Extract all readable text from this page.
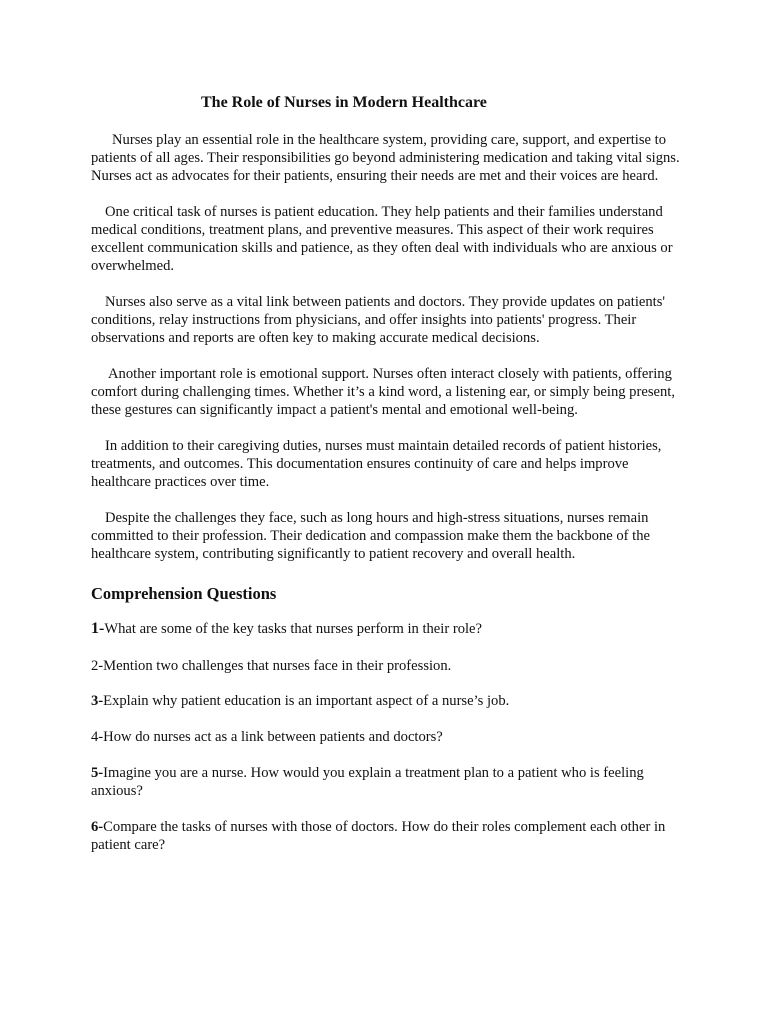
The Role of Nurses in Modern Healthcare

Nurses play an essential role in the healthcare system, providing care, support, and expertise to patients of all ages. Their responsibilities go beyond administering medication and taking vital signs. Nurses act as advocates for their patients, ensuring their needs are met and their voices are heard.

One critical task of nurses is patient education. They help patients and their families understand medical conditions, treatment plans, and preventive measures. This aspect of their work requires excellent communication skills and patience, as they often deal with individuals who are anxious or overwhelmed.

Nurses also serve as a vital link between patients and doctors. They provide updates on patients' conditions, relay instructions from physicians, and offer insights into patients' progress. Their observations and reports are often key to making accurate medical decisions.

Another important role is emotional support. Nurses often interact closely with patients, offering comfort during challenging times. Whether it’s a kind word, a listening ear, or simply being present, these gestures can significantly impact a patient's mental and emotional well-being.

In addition to their caregiving duties, nurses must maintain detailed records of patient histories, treatments, and outcomes. This documentation ensures continuity of care and helps improve healthcare practices over time.

Despite the challenges they face, such as long hours and high-stress situations, nurses remain committed to their profession. Their dedication and compassion make them the backbone of the healthcare system, contributing significantly to patient recovery and overall health.

Comprehension Questions

1-What are some of the key tasks that nurses perform in their role?

2-Mention two challenges that nurses face in their profession.

3-Explain why patient education is an important aspect of a nurse’s job.

4-How do nurses act as a link between patients and doctors?

5-Imagine you are a nurse. How would you explain a treatment plan to a patient who is feeling anxious?

6-Compare the tasks of nurses with those of doctors. How do their roles complement each other in patient care?
